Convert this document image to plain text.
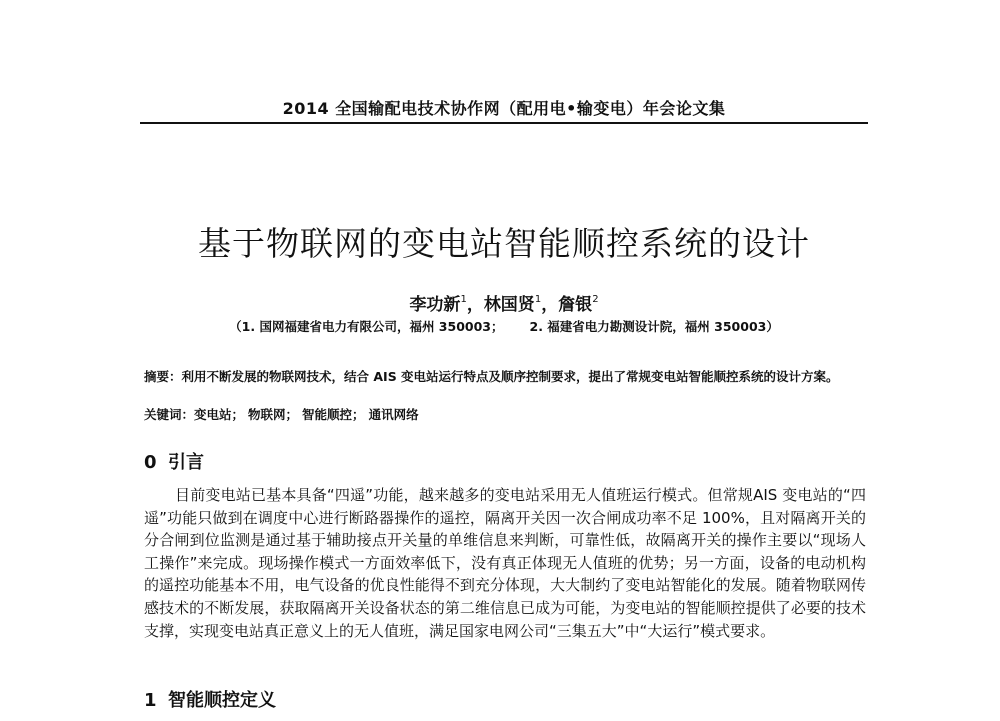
2014 全国输配电技术协作网（配用电•输变电）年会论文集
基于物联网的变电站智能顺控系统的设计
李功新$^1$，林国贤$^1$，詹银$^2$
（1. 国网福建省电力有限公司，福州 350003； 2. 福建省电力勘测设计院，福州 350003）

摘要：利用不断发展的物联网技术，结合 AIS 变电站运行特点及顺序控制要求，提出了常规变电站智能顺控系统的设计方案。

关键词：变电站； 物联网； 智能顺控； 通讯网络
0 引言

目前变电站已基本具备“四遥”功能，越来越多的变电站采用无人值班运行模式。但常规AIS 变电站的“四遥”功能只做到在调度中心进行断路器操作的遥控，隔离开关因一次合闸成功率不足 100%，且对隔离开关的分合闸到位监测是通过基于辅助接点开关量的单维信息来判断，可靠性低，故隔离开关的操作主要以“现场人工操作”来完成。现场操作模式一方面效率低下，没有真正体现无人值班的优势；另一方面，设备的电动机构的遥控功能基本不用，电气设备的优良性能得不到充分体现，大大制约了变电站智能化的发展。随着物联网传感技术的不断发展，获取隔离开关设备状态的第二维信息已成为可能，为变电站的智能顺控提供了必要的技术支撑，实现变电站真正意义上的无人值班，满足国家电网公司“三集五大”中“大运行”模式要求。

1 智能顺控定义
